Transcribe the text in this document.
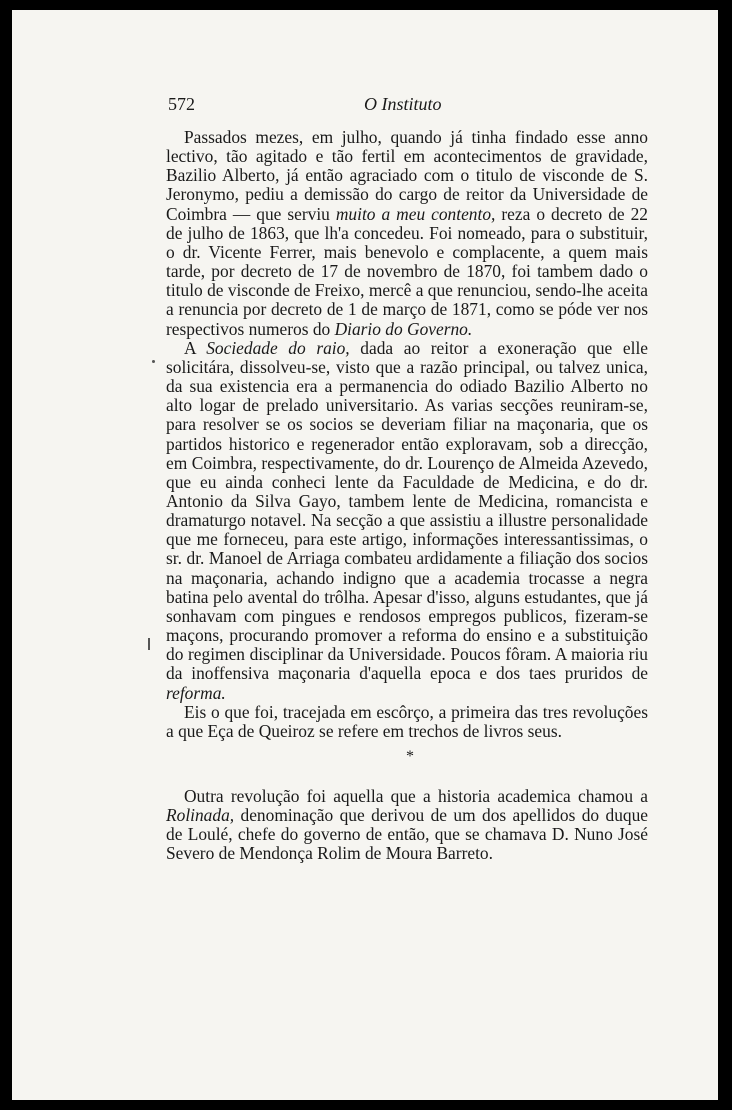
572	O Instituto

Passados mezes, em julho, quando já tinha findado esse anno lectivo, tão agitado e tão fertil em acontecimentos de gravidade, Bazilio Alberto, já então agraciado com o titulo de visconde de S. Jeronymo, pediu a demissão do cargo de reitor da Universidade de Coimbra — que serviu muito a meu contento, reza o decreto de 22 de julho de 1863, que lh'a concedeu. Foi nomeado, para o substituir, o dr. Vicente Ferrer, mais benevolo e complacente, a quem mais tarde, por decreto de 17 de novembro de 1870, foi tambem dado o titulo de visconde de Freixo, mercê a que renunciou, sendo-lhe aceita a renuncia por decreto de 1 de março de 1871, como se póde ver nos respectivos numeros do Diario do Governo.

A Sociedade do raio, dada ao reitor a exoneração que elle solicitára, dissolveu-se, visto que a razão principal, ou talvez unica, da sua existencia era a permanencia do odiado Bazilio Alberto no alto logar de prelado universitario. As varias secções reuniram-se, para resolver se os socios se deveriam filiar na maçonaria, que os partidos historico e regenerador então exploravam, sob a direcção, em Coimbra, respectivamente, do dr. Lourenço de Almeida Azevedo, que eu ainda conheci lente da Faculdade de Medicina, e do dr. Antonio da Silva Gayo, tambem lente de Medicina, romancista e dramaturgo notavel. Na secção a que assistiu a illustre personalidade que me forneceu, para este artigo, informações interessantissimas, o sr. dr. Manoel de Arriaga combateu ardidamente a filiação dos socios na maçonaria, achando indigno que a academia trocasse a negra batina pelo avental do trôlha. Apesar d'isso, alguns estudantes, que já sonhavam com pingues e rendosos empregos publicos, fizeram-se maçons, procurando promover a reforma do ensino e a substituição do regimen disciplinar da Universidade. Poucos fôram. A maioria riu da inoffensiva maçonaria d'aquella epoca e dos taes pruridos de reforma.

Eis o que foi, tracejada em escôrço, a primeira das tres revoluções a que Eça de Queiroz se refere em trechos de livros seus.

*

Outra revolução foi aquella que a historia academica chamou a Rolinada, denominação que derivou de um dos apellidos do duque de Loulé, chefe do governo de então, que se chamava D. Nuno José Severo de Mendonça Rolim de Moura Barreto.
